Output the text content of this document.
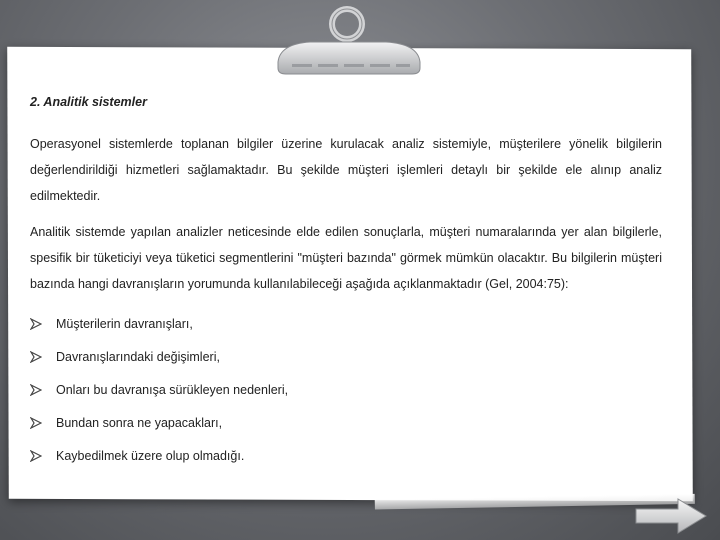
2. Analitik sistemler

Operasyonel sistemlerde toplanan bilgiler üzerine kurulacak analiz sistemiyle, müşterilere yönelik bilgilerin değerlendirildiği hizmetleri sağlamaktadır. Bu şekilde müşteri işlemleri detaylı bir şekilde ele alınıp analiz edilmektedir.

Analitik sistemde yapılan analizler neticesinde elde edilen sonuçlarla, müşteri numaralarında yer alan bilgilerle, spesifik bir tüketiciyi veya tüketici segmentlerini "müşteri bazında" görmek mümkün olacaktır. Bu bilgilerin müşteri bazında hangi davranışların yorumunda kullanılabileceği aşağıda açıklanmaktadır (Gel, 2004:75):

Müşterilerin davranışları,
Davranışlarındaki değişimleri,
Onları bu davranışa sürükleyen nedenleri,
Bundan sonra ne yapacakları,
Kaybedilmek üzere olup olmadığı.
